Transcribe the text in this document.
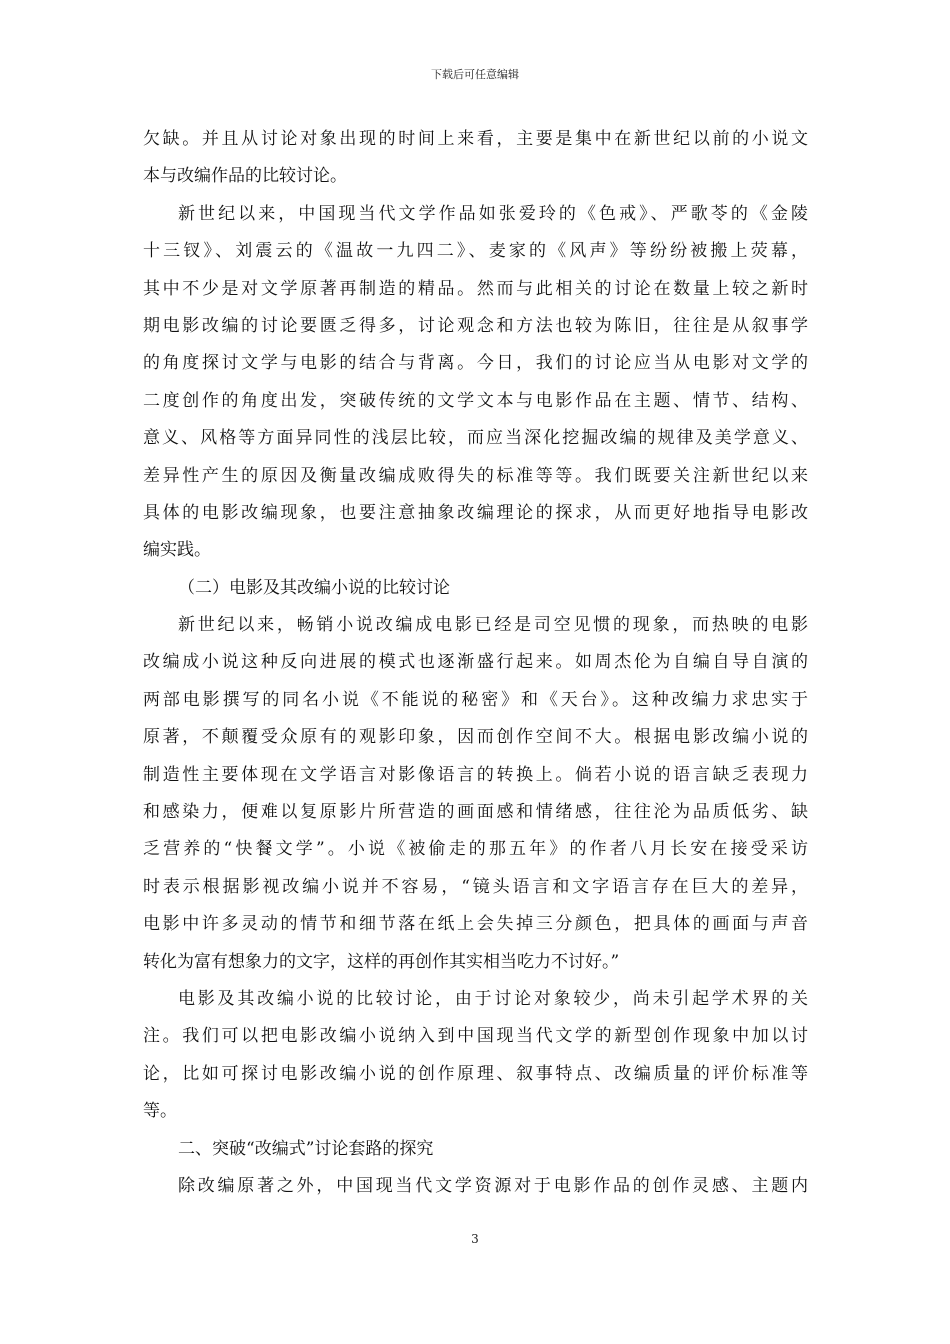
下载后可任意编辑
欠缺。并且从讨论对象出现的时间上来看，主要是集中在新世纪以前的小说文
本与改编作品的比较讨论。
新世纪以来，中国现当代文学作品如张爱玲的《色戒》、严歌苓的《金陵
十三钗》、刘震云的《温故一九四二》、麦家的《风声》等纷纷被搬上荧幕，
其中不少是对文学原著再制造的精品。然而与此相关的讨论在数量上较之新时
期电影改编的讨论要匮乏得多，讨论观念和方法也较为陈旧，往往是从叙事学
的角度探讨文学与电影的结合与背离。今日，我们的讨论应当从电影对文学的
二度创作的角度出发，突破传统的文学文本与电影作品在主题、情节、结构、
意义、风格等方面异同性的浅层比较，而应当深化挖掘改编的规律及美学意义、
差异性产生的原因及衡量改编成败得失的标准等等。我们既要关注新世纪以来
具体的电影改编现象，也要注意抽象改编理论的探求，从而更好地指导电影改
编实践。
（二）电影及其改编小说的比较讨论
新世纪以来，畅销小说改编成电影已经是司空见惯的现象，而热映的电影
改编成小说这种反向进展的模式也逐渐盛行起来。如周杰伦为自编自导自演的
两部电影撰写的同名小说《不能说的秘密》和《天台》。这种改编力求忠实于
原著，不颠覆受众原有的观影印象，因而创作空间不大。根据电影改编小说的
制造性主要体现在文学语言对影像语言的转换上。倘若小说的语言缺乏表现力
和感染力，便难以复原影片所营造的画面感和情绪感，往往沦为品质低劣、缺
乏营养的“快餐文学”。小说《被偷走的那五年》的作者八月长安在接受采访
时表示根据影视改编小说并不容易，“镜头语言和文字语言存在巨大的差异，
电影中许多灵动的情节和细节落在纸上会失掉三分颜色，把具体的画面与声音
转化为富有想象力的文字，这样的再创作其实相当吃力不讨好。”
电影及其改编小说的比较讨论，由于讨论对象较少，尚未引起学术界的关
注。我们可以把电影改编小说纳入到中国现当代文学的新型创作现象中加以讨
论，比如可探讨电影改编小说的创作原理、叙事特点、改编质量的评价标准等
等。
二、突破“改编式”讨论套路的探究
除改编原著之外，中国现当代文学资源对于电影作品的创作灵感、主题内
3
